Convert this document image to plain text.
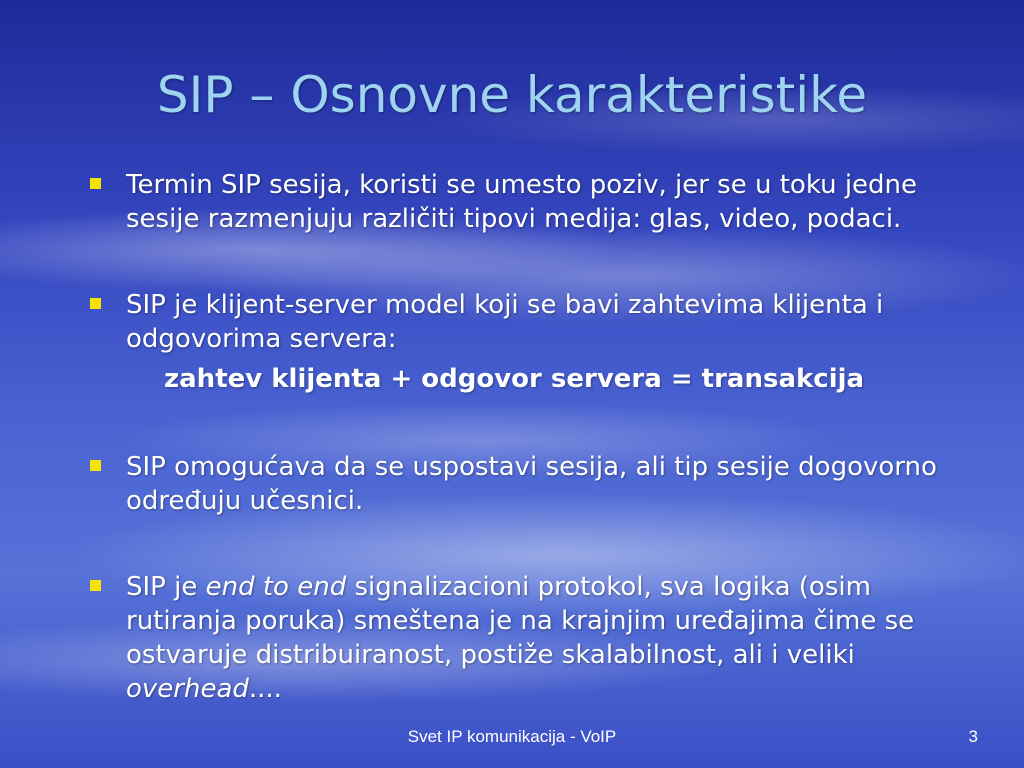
SIP – Osnovne karakteristike
Termin SIP sesija, koristi se umesto poziv, jer se u toku jedne sesije razmenjuju različiti tipovi medija: glas, video, podaci.
SIP je klijent-server model koji se bavi zahtevima klijenta i odgovorima servera:
zahtev klijenta + odgovor servera = transakcija
SIP omogućava da se uspostavi sesija, ali tip sesije dogovorno određuju učesnici.
SIP je end to end signalizacioni protokol, sva logika (osim rutiranja poruka) smeštena je na krajnjim uređajima čime se ostvaruje distribuiranost, postiže skalabilnost, ali i veliki overhead....
Svet IP komunikacija - VoIP	3
